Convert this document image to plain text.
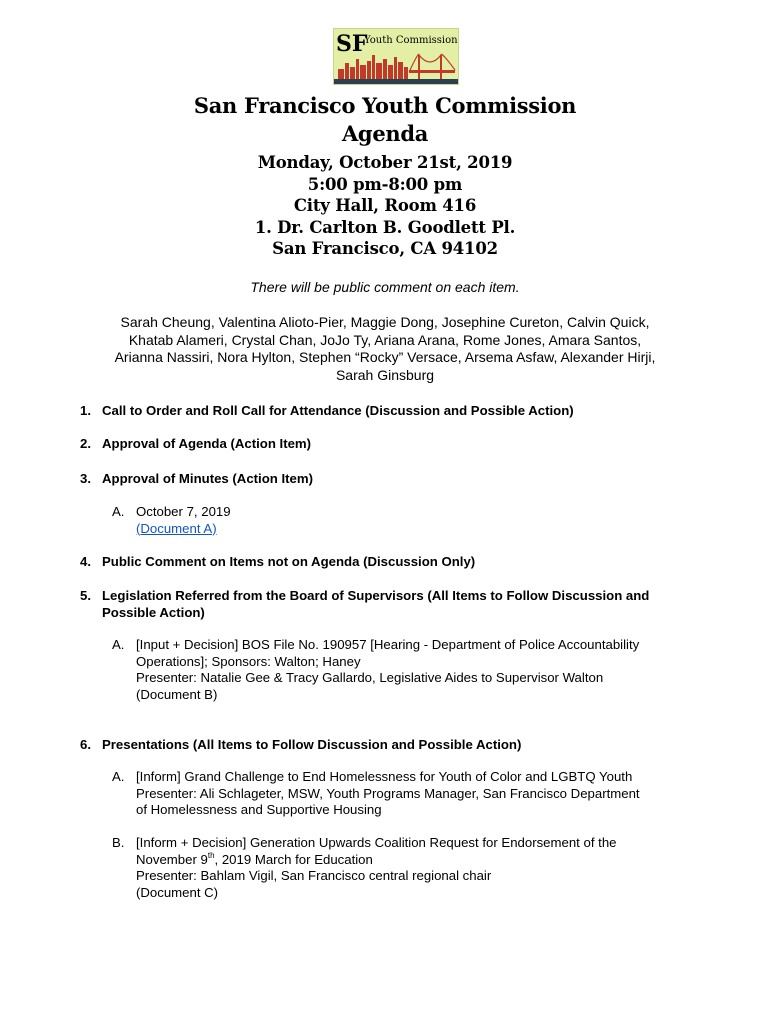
SF
Youth Commission
San Francisco Youth Commission
Agenda
Monday, October 21st, 2019
5:00 pm-8:00 pm
City Hall, Room 416
1. Dr. Carlton B. Goodlett Pl.
San Francisco, CA 94102
There will be public comment on each item.
Sarah Cheung, Valentina Alioto-Pier, Maggie Dong, Josephine Cureton, Calvin Quick,
Khatab Alameri, Crystal Chan, JoJo Ty, Ariana Arana, Rome Jones, Amara Santos,
Arianna Nassiri, Nora Hylton, Stephen “Rocky” Versace, Arsema Asfaw, Alexander Hirji,
Sarah Ginsburg
1. Call to Order and Roll Call for Attendance (Discussion and Possible Action)
2. Approval of Agenda (Action Item)
3. Approval of Minutes (Action Item)
A. October 7, 2019
(Document A)
4. Public Comment on Items not on Agenda (Discussion Only)
5. Legislation Referred from the Board of Supervisors (All Items to Follow Discussion and
Possible Action)
A. [Input + Decision] BOS File No. 190957 [Hearing - Department of Police Accountability
Operations]; Sponsors: Walton; Haney
Presenter: Natalie Gee & Tracy Gallardo, Legislative Aides to Supervisor Walton
(Document B)
6. Presentations (All Items to Follow Discussion and Possible Action)
A. [Inform] Grand Challenge to End Homelessness for Youth of Color and LGBTQ Youth
Presenter: Ali Schlageter, MSW, Youth Programs Manager, San Francisco Department
of Homelessness and Supportive Housing
B. [Inform + Decision] Generation Upwards Coalition Request for Endorsement of the
November 9th, 2019 March for Education
Presenter: Bahlam Vigil, San Francisco central regional chair
(Document C)
